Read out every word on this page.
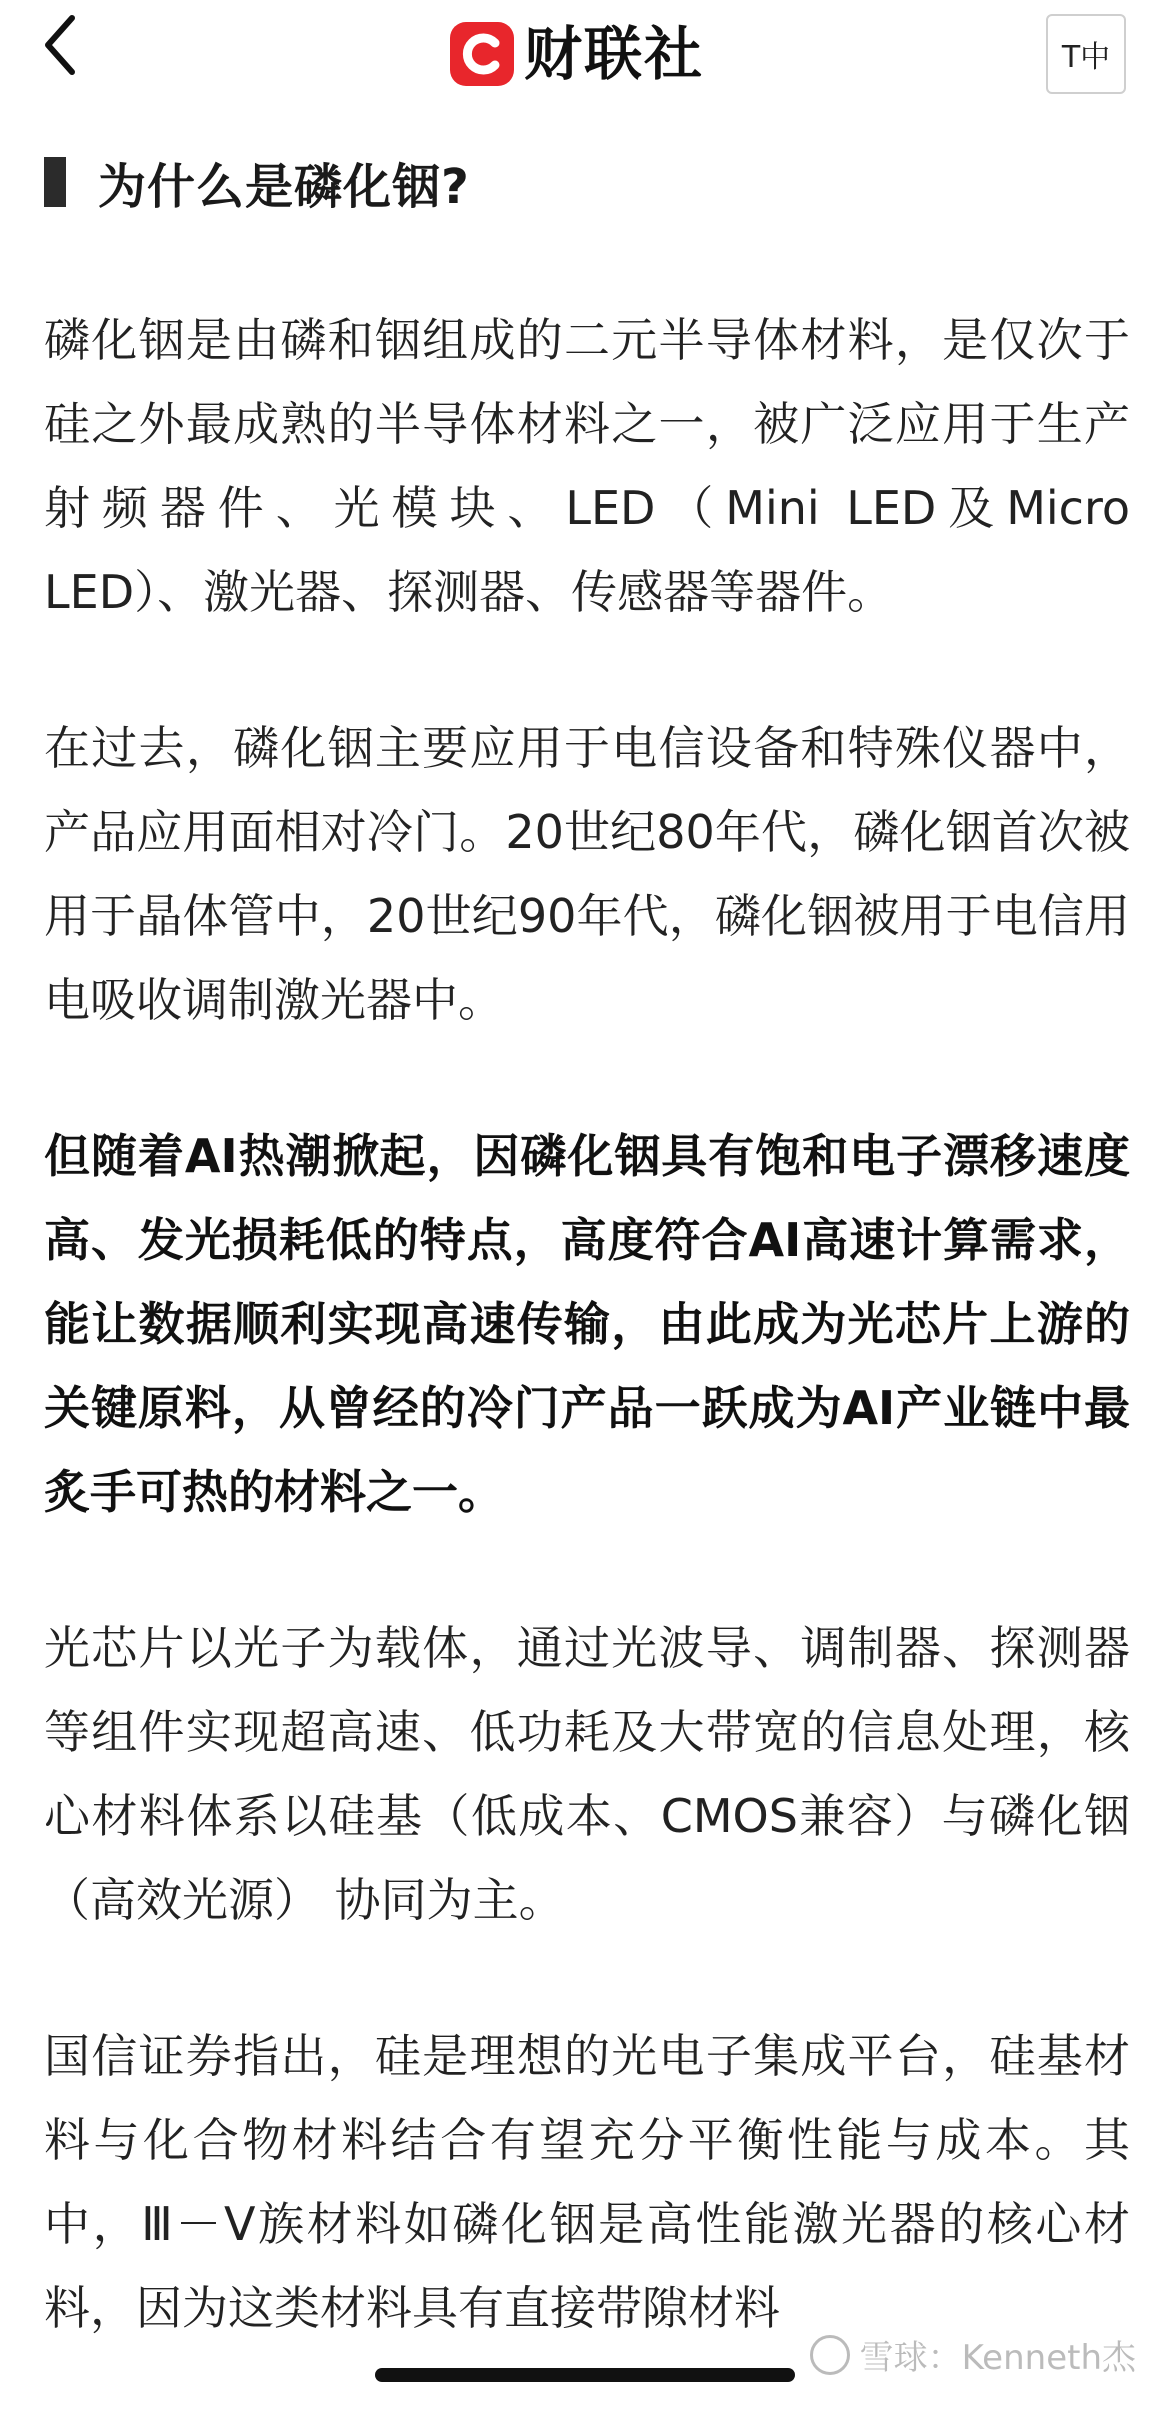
财联社	T中
为什么是磷化铟?

磷化铟是由磷和铟组成的二元半导体材料，是仅次于硅之外最成熟的半导体材料之一，被广泛应用于生产射频器件、光模块、LED（Mini LED及Micro LED）、激光器、探测器、传感器等器件。

在过去，磷化铟主要应用于电信设备和特殊仪器中，产品应用面相对冷门。20世纪80年代，磷化铟首次被用于晶体管中，20世纪90年代，磷化铟被用于电信用电吸收调制激光器中。

但随着AI热潮掀起，因磷化铟具有饱和电子漂移速度高、发光损耗低的特点，高度符合AI高速计算需求，能让数据顺利实现高速传输，由此成为光芯片上游的关键原料，从曾经的冷门产品一跃成为AI产业链中最炙手可热的材料之一。

光芯片以光子为载体，通过光波导、调制器、探测器等组件实现超高速、低功耗及大带宽的信息处理，核心材料体系以硅基（低成本、CMOS兼容）与磷化铟（高效光源） 协同为主。

国信证券指出，硅是理想的光电子集成平台，硅基材料与化合物材料结合有望充分平衡性能与成本。其中，Ⅲ－Ⅴ族材料如磷化铟是高性能激光器的核心材料，因为这类材料具有直接带隙材料

雪球：Kenneth杰
